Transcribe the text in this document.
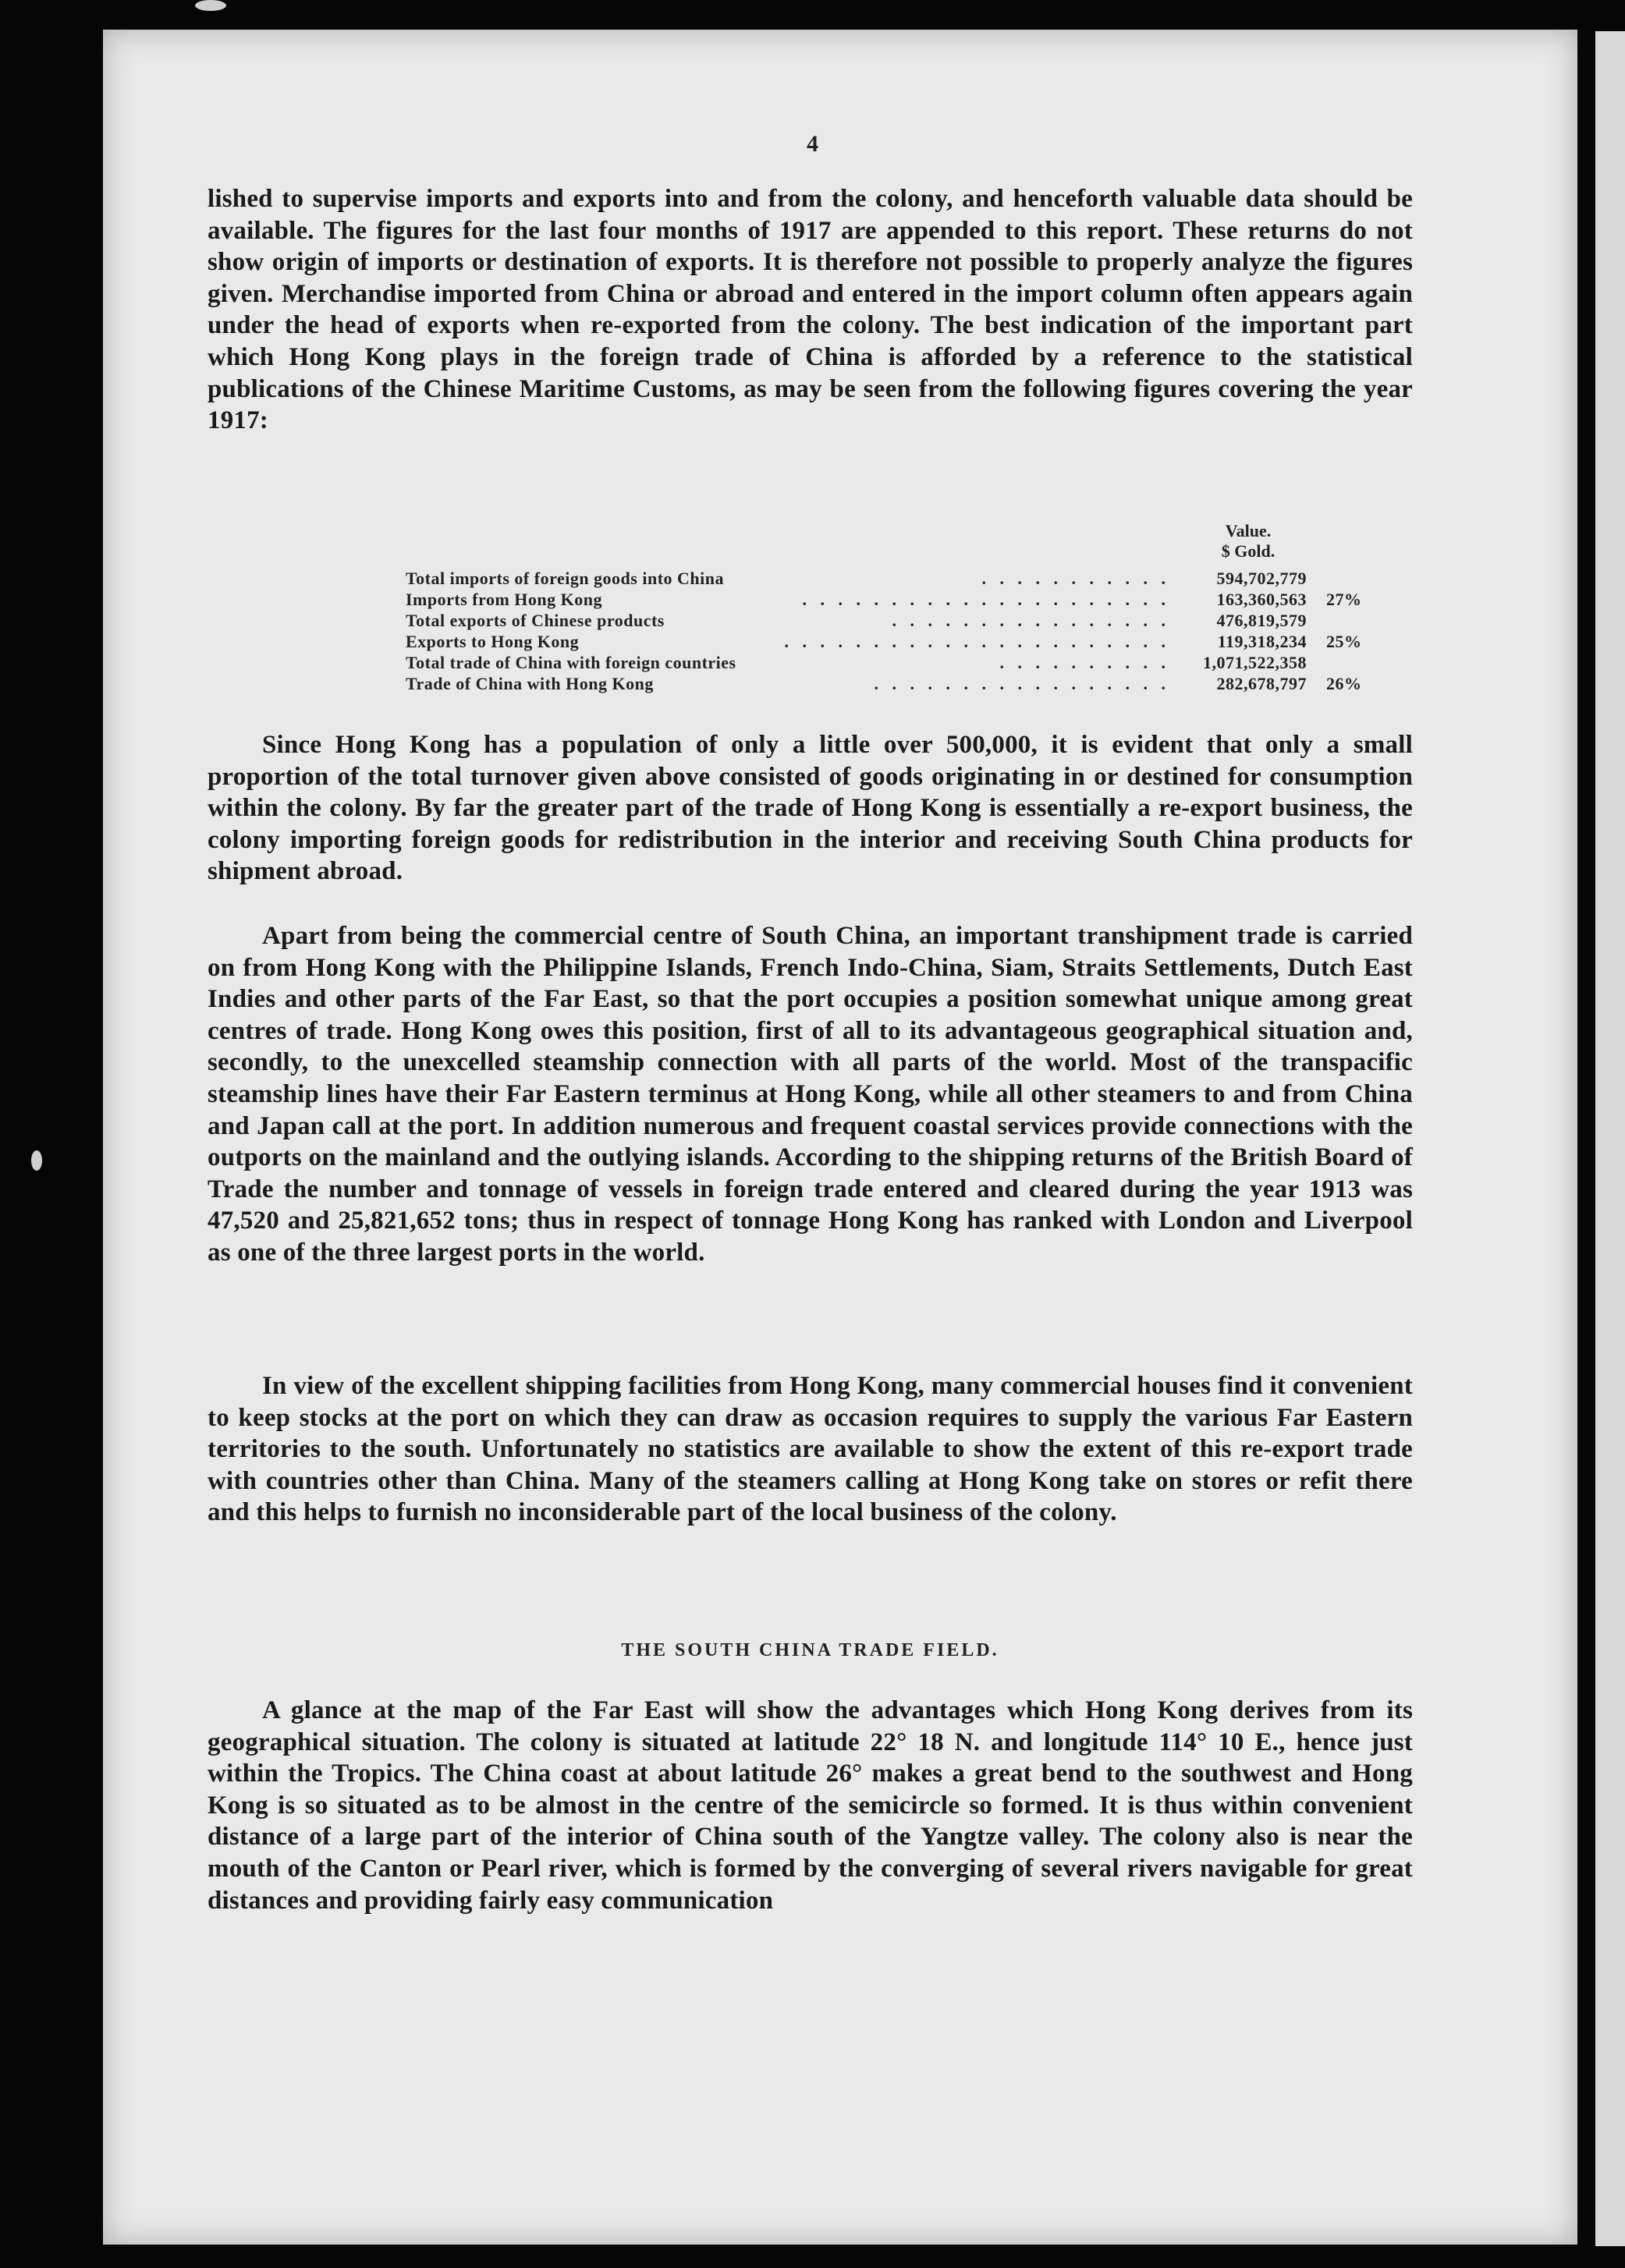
4

lished to supervise imports and exports into and from the colony, and henceforth valuable data should be available. The figures for the last four months of 1917 are appended to this report. These returns do not show origin of imports or destination of exports. It is therefore not possible to properly analyze the figures given. Merchandise imported from China or abroad and entered in the import column often appears again under the head of exports when re-exported from the colony. The best indication of the important part which Hong Kong plays in the foreign trade of China is afforded by a reference to the statistical publications of the Chinese Maritime Customs, as may be seen from the following figures covering the year 1917:

Value.
$ Gold.
Total imports of foreign goods into China	. . . . . . . . . . .	594,702,779
Imports from Hong Kong	. . . . . . . . . . . . . . . . . . . . .	163,360,563 27%
Total exports of Chinese products	. . . . . . . . . . . . . . . .	476,819,579
Exports to Hong Kong	. . . . . . . . . . . . . . . . . . . . . .	119,318,234 25%
Total trade of China with foreign countries	. . . . . . . . . .	1,071,522,358
Trade of China with Hong Kong	. . . . . . . . . . . . . . . . .	282,678,797 26%

Since Hong Kong has a population of only a little over 500,000, it is evident that only a small proportion of the total turnover given above consisted of goods originating in or destined for consumption within the colony. By far the greater part of the trade of Hong Kong is essentially a re-export business, the colony importing foreign goods for redistribution in the interior and receiving South China products for shipment abroad.

Apart from being the commercial centre of South China, an important transhipment trade is carried on from Hong Kong with the Philippine Islands, French Indo-China, Siam, Straits Settlements, Dutch East Indies and other parts of the Far East, so that the port occupies a position somewhat unique among great centres of trade. Hong Kong owes this position, first of all to its advantageous geographical situation and, secondly, to the unexcelled steamship connection with all parts of the world. Most of the transpacific steamship lines have their Far Eastern terminus at Hong Kong, while all other steamers to and from China and Japan call at the port. In addition numerous and frequent coastal services provide connections with the outports on the mainland and the outlying islands. According to the shipping returns of the British Board of Trade the number and tonnage of vessels in foreign trade entered and cleared during the year 1913 was 47,520 and 25,821,652 tons; thus in respect of tonnage Hong Kong has ranked with London and Liverpool as one of the three largest ports in the world.

In view of the excellent shipping facilities from Hong Kong, many commercial houses find it convenient to keep stocks at the port on which they can draw as occasion requires to supply the various Far Eastern territories to the south. Unfortunately no statistics are available to show the extent of this re-export trade with countries other than China. Many of the steamers calling at Hong Kong take on stores or refit there and this helps to furnish no inconsiderable part of the local business of the colony.

THE SOUTH CHINA TRADE FIELD.

A glance at the map of the Far East will show the advantages which Hong Kong derives from its geographical situation. The colony is situated at latitude 22° 18 N. and longitude 114° 10 E., hence just within the Tropics. The China coast at about latitude 26° makes a great bend to the southwest and Hong Kong is so situated as to be almost in the centre of the semicircle so formed. It is thus within convenient distance of a large part of the interior of China south of the Yangtze valley. The colony also is near the mouth of the Canton or Pearl river, which is formed by the converging of several rivers navigable for great distances and providing fairly easy communication
